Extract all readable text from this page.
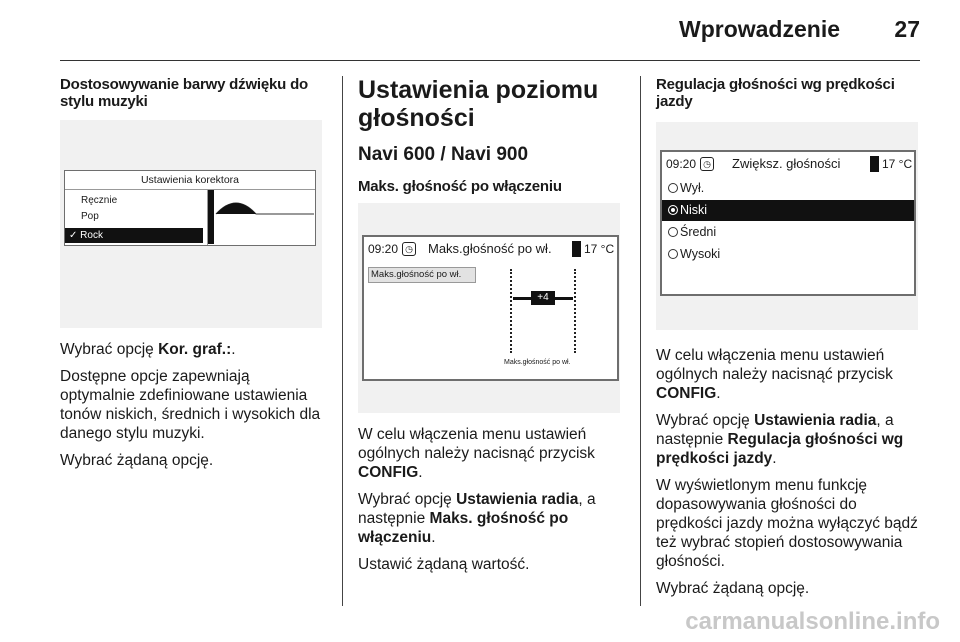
Wprowadzenie 27
Dostosowywanie barwy dźwięku do stylu muzyki
Ustawienia korektora
Ręcznie
Pop
✓ Rock
Wybrać opcję Kor. graf.:.
Dostępne opcje zapewniają optymalnie zdefiniowane ustawienia tonów niskich, średnich i wysokich dla danego stylu muzyki.
Wybrać żądaną opcję.
Ustawienia poziomu głośności
Navi 600 / Navi 900
Maks. głośność po włączeniu
09:20 ◷ Maks.głośność po wł.	17 °C
Maks.głośność po wł.
+4
Maks.głośność po wł.
W celu włączenia menu ustawień ogólnych należy nacisnąć przycisk
CONFIG.
Wybrać opcję Ustawienia radia, a następnie Maks. głośność po włączeniu.
Ustawić żądaną wartość.
Regulacja głośności wg prędkości jazdy
09:20 ◷ Zwiększ. głośności	17 °C
Wył.
Niski
Średni
Wysoki
W celu włączenia menu ustawień ogólnych należy nacisnąć przycisk
CONFIG.
Wybrać opcję Ustawienia radia, a następnie Regulacja głośności wg prędkości jazdy.
W wyświetlonym menu funkcję dopasowywania głośności do prędkości jazdy można wyłączyć bądź też wybrać stopień dostosowywania głośności.
Wybrać żądaną opcję.
carmanualsonline.info
